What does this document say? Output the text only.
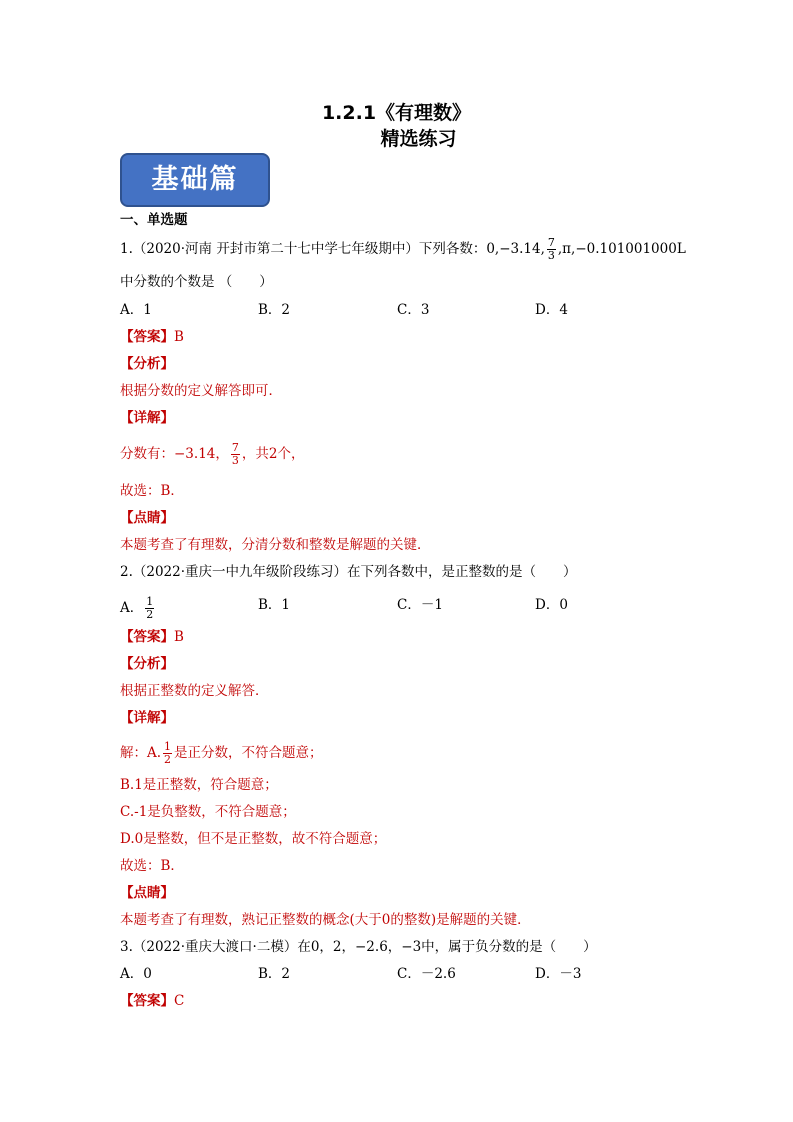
1.2.1《有理数》
精选练习
基础篇
一、单选题
1.（2020·河南 开封市第二十七中学七年级期中）下列各数：0,−3.14, $\frac{7}{3} ,\pi,-0.101001000L$
中分数的个数是 （　　）
A．1	B．2	C．3	D．4
【答案】B
【分析】
根据分数的定义解答即可．
【详解】
分数有：−3.14， $\frac{7}{3}$ ，共2个，
故选：B．
【点睛】
本题考查了有理数，分清分数和整数是解题的关键．
2.（2022·重庆一中九年级阶段练习）在下列各数中，是正整数的是（　　）
A． $\frac{1}{2}$	B．1	C．－1	D．0
【答案】B
【分析】
根据正整数的定义解答．
【详解】
解：A. $\frac{1}{2}$ 是正分数，不符合题意；
B.1是正整数，符合题意；
C.-1是负整数，不符合题意；
D.0是整数，但不是正整数，故不符合题意；
故选：B．
【点睛】
本题考查了有理数，熟记正整数的概念(大于0的整数)是解题的关键．
3.（2022·重庆大渡口·二模）在0，2，−2.6，−3中，属于负分数的是（　　）
A．0	B．2	C．－2.6	D．－3
【答案】C
